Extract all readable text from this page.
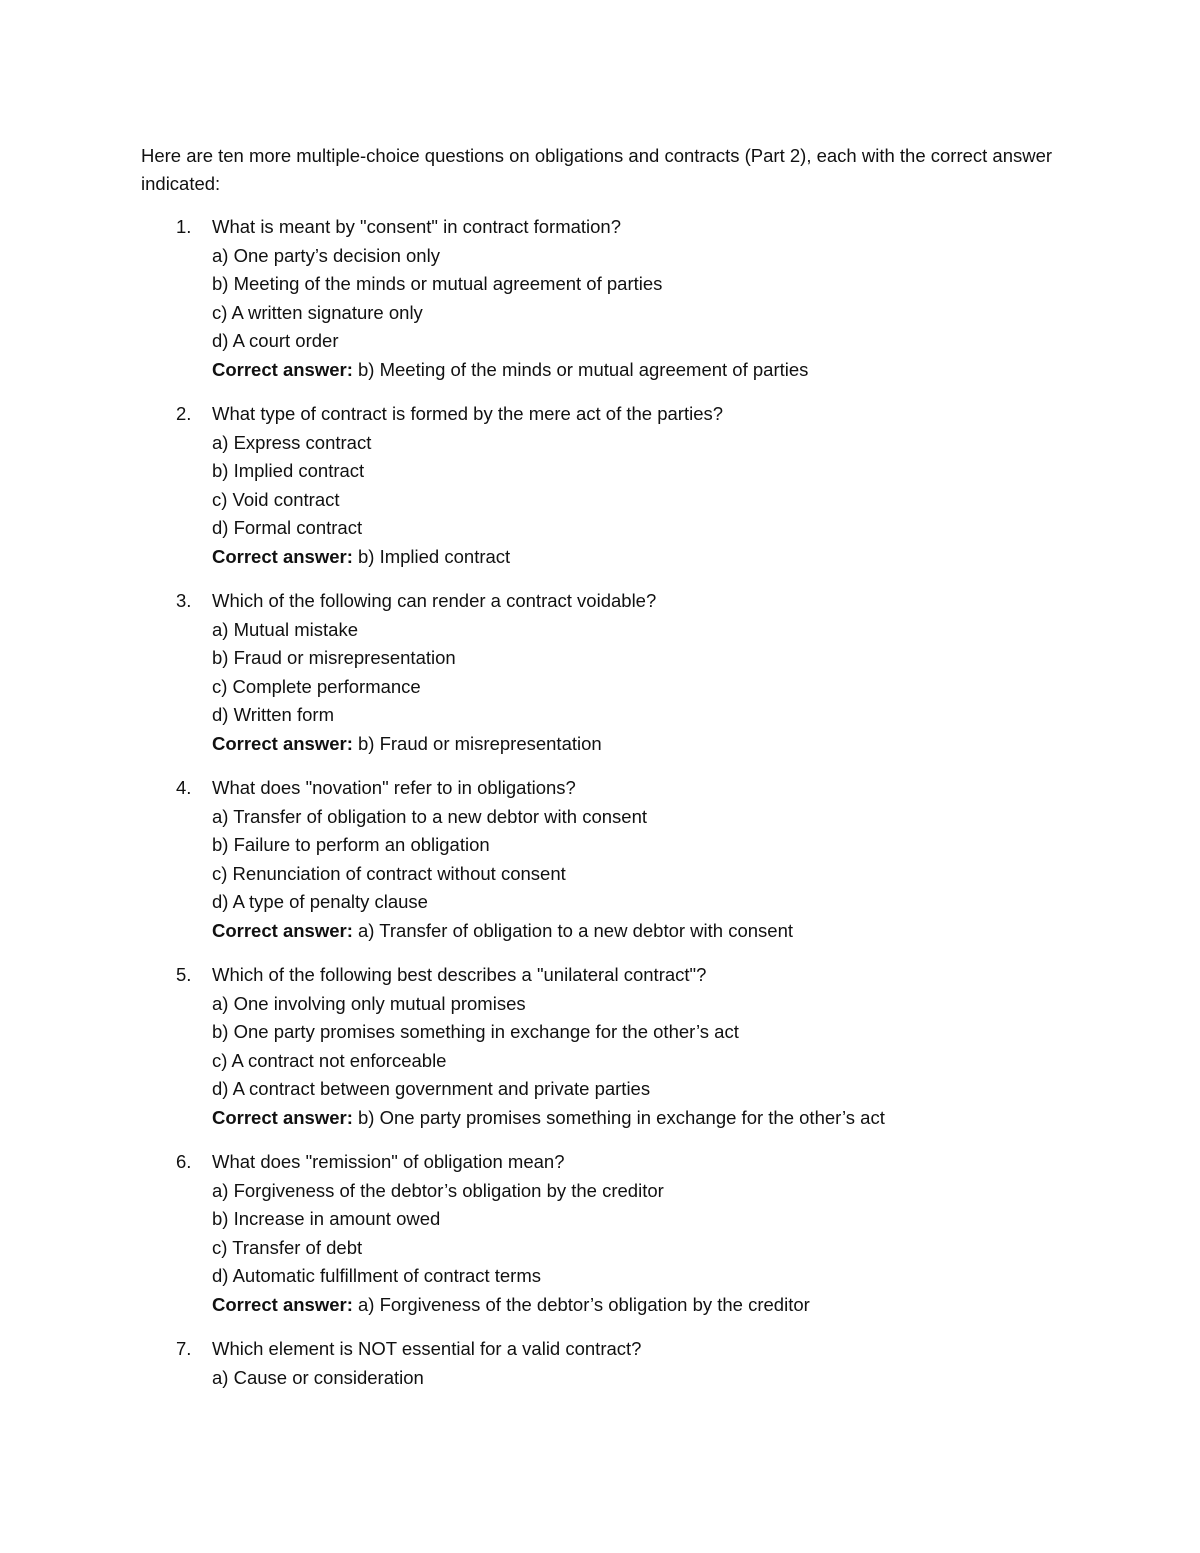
Here are ten more multiple-choice questions on obligations and contracts (Part 2), each with the correct answer indicated:

1. What is meant by "consent" in contract formation?
a) One party’s decision only
b) Meeting of the minds or mutual agreement of parties
c) A written signature only
d) A court order
Correct answer: b) Meeting of the minds or mutual agreement of parties
2. What type of contract is formed by the mere act of the parties?
a) Express contract
b) Implied contract
c) Void contract
d) Formal contract
Correct answer: b) Implied contract
3. Which of the following can render a contract voidable?
a) Mutual mistake
b) Fraud or misrepresentation
c) Complete performance
d) Written form
Correct answer: b) Fraud or misrepresentation
4. What does "novation" refer to in obligations?
a) Transfer of obligation to a new debtor with consent
b) Failure to perform an obligation
c) Renunciation of contract without consent
d) A type of penalty clause
Correct answer: a) Transfer of obligation to a new debtor with consent
5. Which of the following best describes a "unilateral contract"?
a) One involving only mutual promises
b) One party promises something in exchange for the other’s act
c) A contract not enforceable
d) A contract between government and private parties
Correct answer: b) One party promises something in exchange for the other’s act
6. What does "remission" of obligation mean?
a) Forgiveness of the debtor’s obligation by the creditor
b) Increase in amount owed
c) Transfer of debt
d) Automatic fulfillment of contract terms
Correct answer: a) Forgiveness of the debtor’s obligation by the creditor
7. Which element is NOT essential for a valid contract?
a) Cause or consideration
